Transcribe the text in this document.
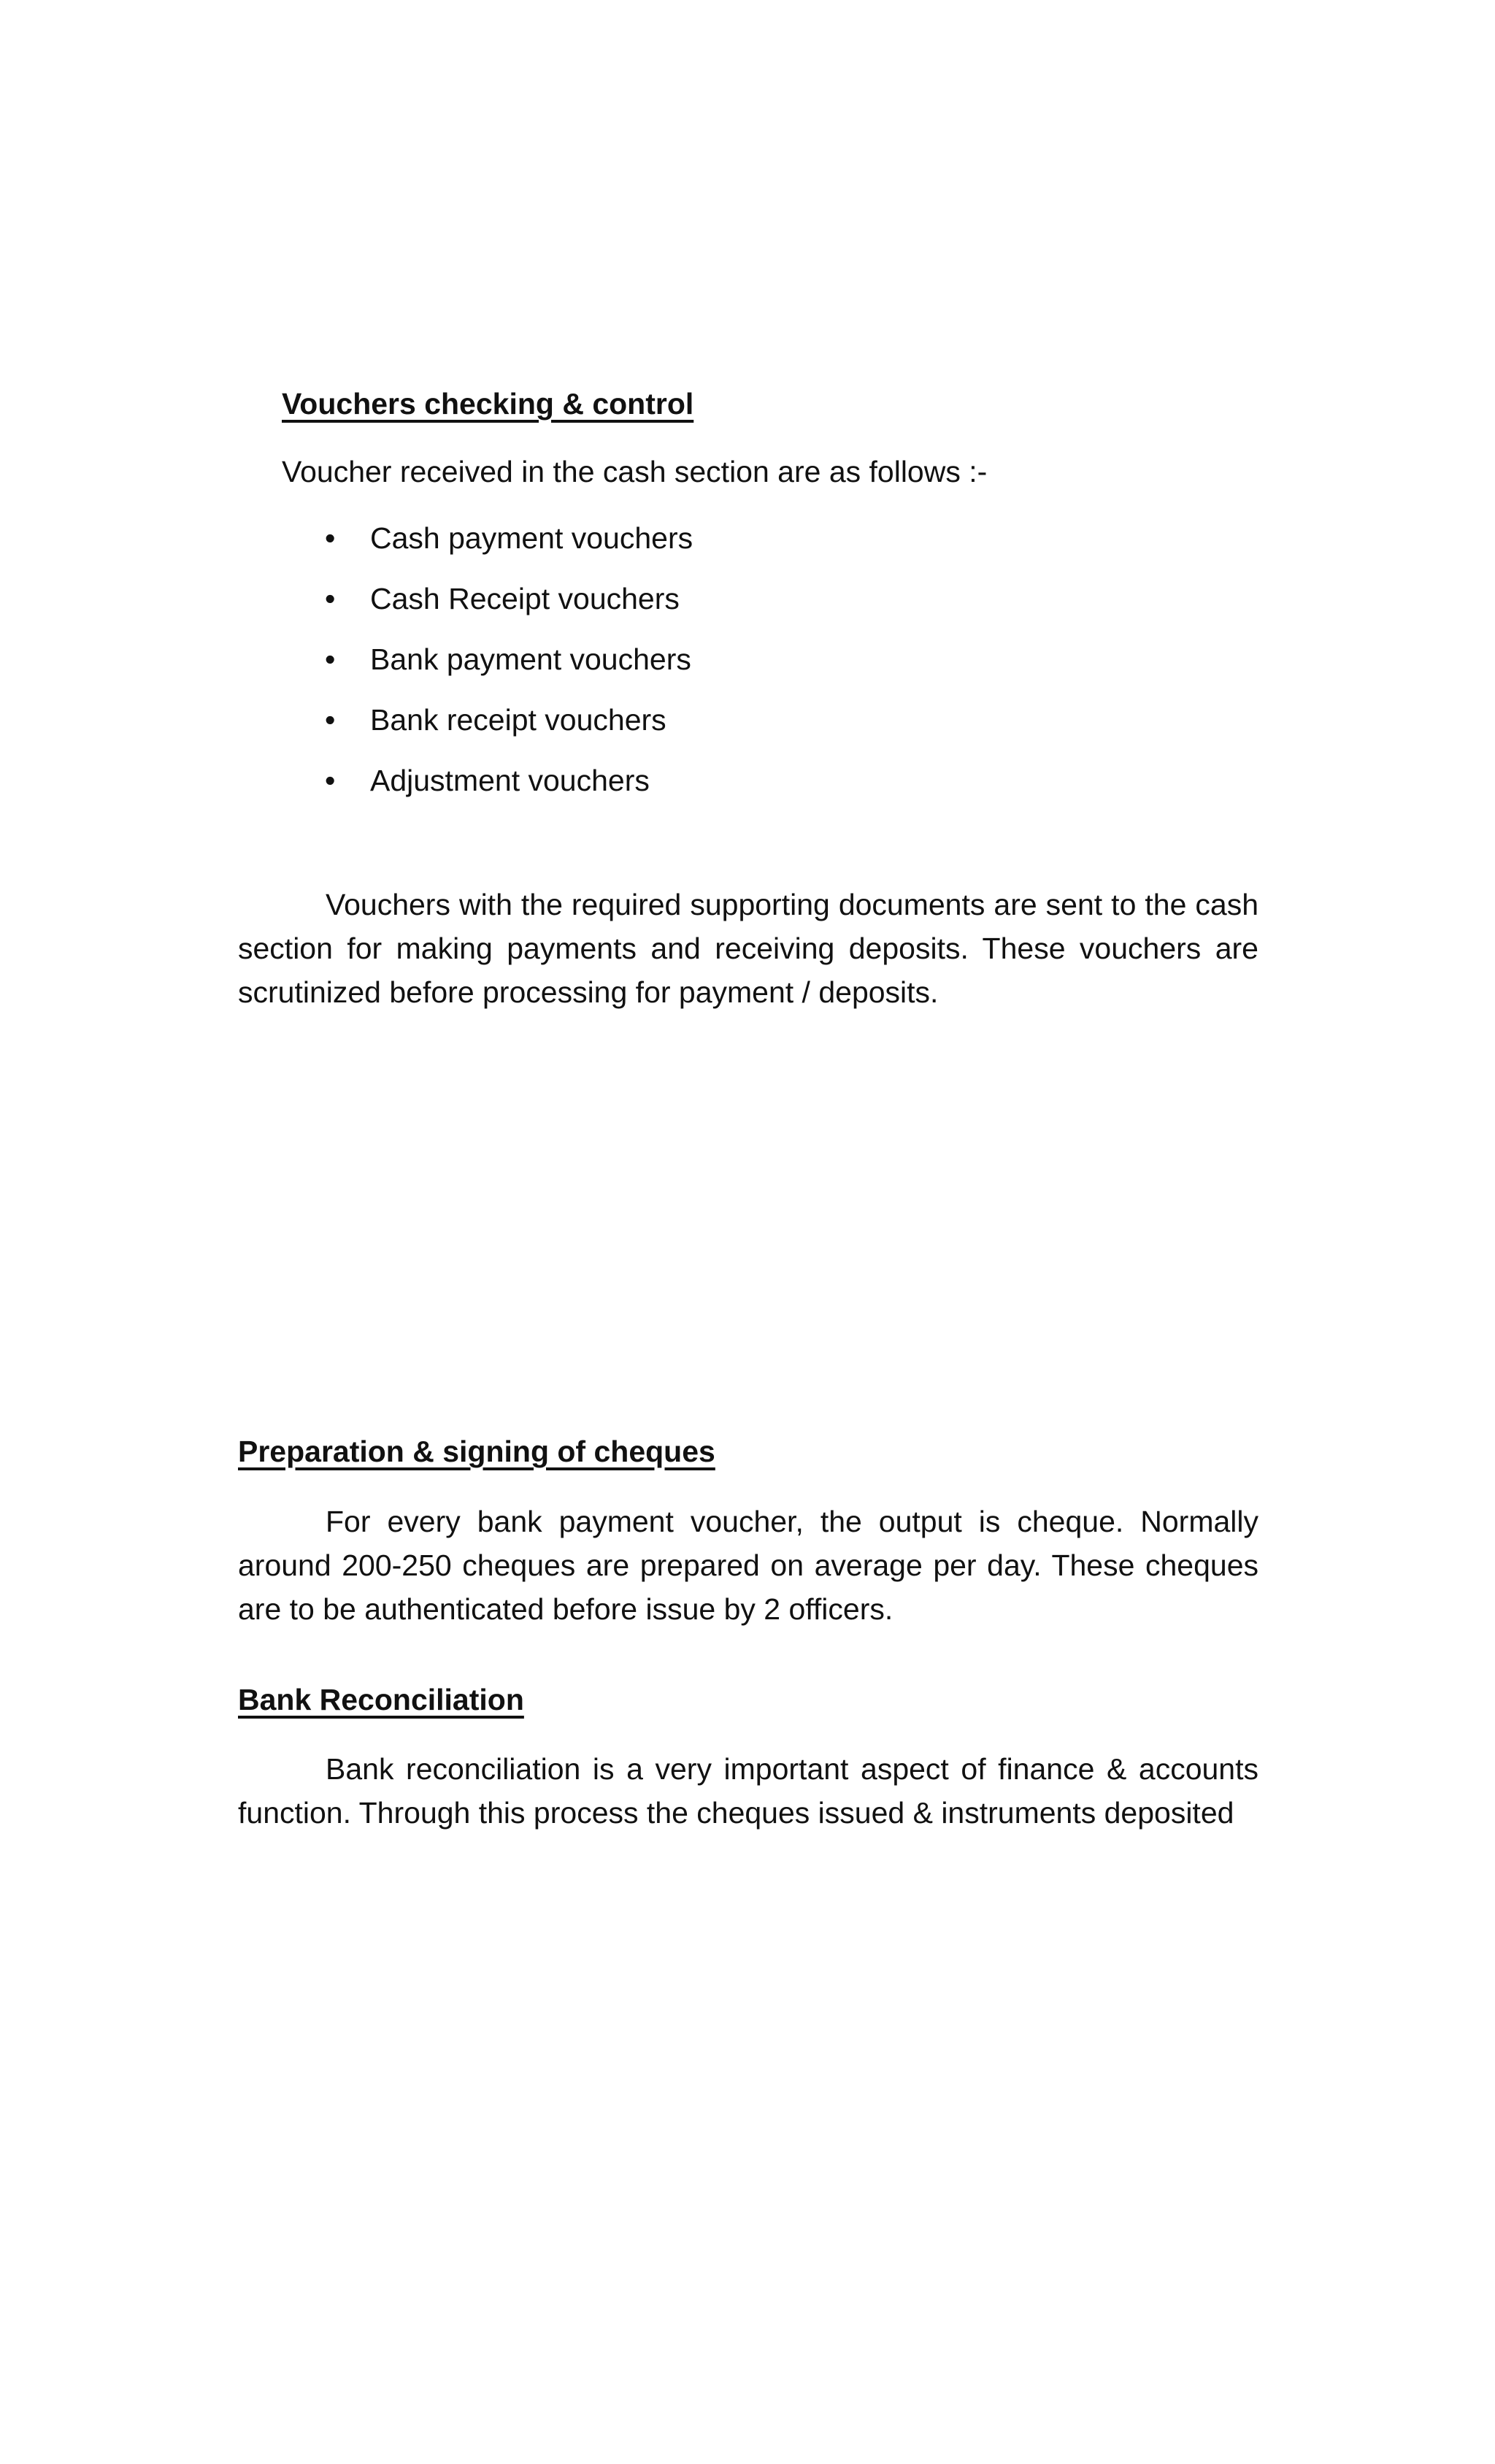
Vouchers checking & control

Voucher received in the cash section are as follows :-

•	Cash payment vouchers
•	Cash Receipt vouchers
•	Bank payment vouchers
•	Bank receipt vouchers
•	Adjustment vouchers

Vouchers with the required supporting documents are sent to the cash section for making payments and receiving deposits. These vouchers are scrutinized before processing for payment / deposits.

Preparation & signing of cheques

For every bank payment voucher, the output is cheque. Normally around 200-250 cheques are prepared on average per day. These cheques are to be authenticated before issue by 2 officers.

Bank Reconciliation

Bank reconciliation is a very important aspect of finance & accounts function. Through this process the cheques issued & instruments deposited
